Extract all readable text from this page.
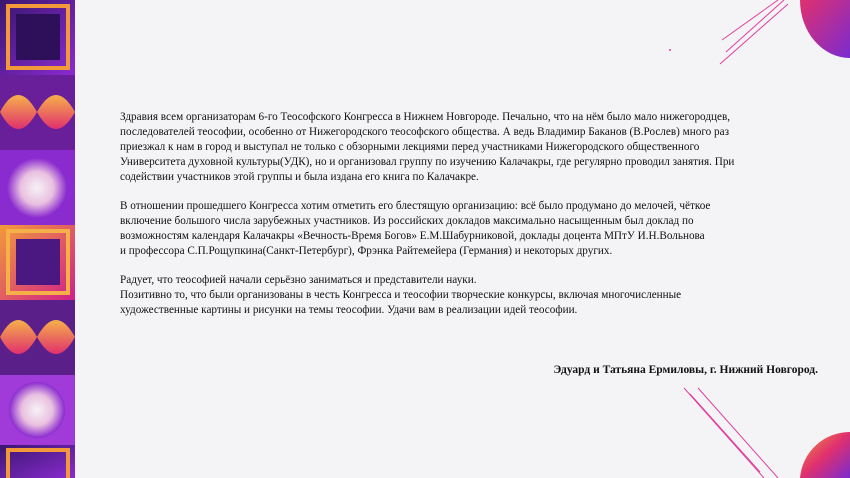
Здравия всем организаторам 6-го Теософского Конгресса в Нижнем Новгороде. Печально, что на нём было мало нижегородцев,
последователей теософии, особенно от Нижегородского теософского общества. А ведь Владимир Баканов (В.Рослев) много раз
приезжал к нам в город и выступал не только с обзорными лекциями перед участниками Нижегородского общественного
Университета духовной культуры(УДК), но и организовал группу по изучению Калачакры, где регулярно проводил занятия. При
содействии участников этой группы и была издана его книга по Калачакре.

В отношении прошедшего Конгресса хотим отметить его блестящую организацию: всё было продумано до мелочей, чёткое
включение большого числа зарубежных участников. Из российских докладов максимально насыщенным был доклад по
возможностям календаря Калачакры «Вечность-Время Богов» Е.М.Шабурниковой, доклады доцента МПтУ И.Н.Вольнова
и профессора С.П.Рощупкина(Санкт-Петербург), Фрэнка Райтемейера (Германия) и некоторых других.

Радует, что теософией начали серьёзно заниматься и представители науки.

Позитивно то, что были организованы в честь Конгресса и теософии творческие конкурсы, включая многочисленные
художественные картины и рисунки на темы теософии. Удачи вам в реализации идей теософии.

Эдуард и Татьяна Ермиловы, г. Нижний Новгород.
